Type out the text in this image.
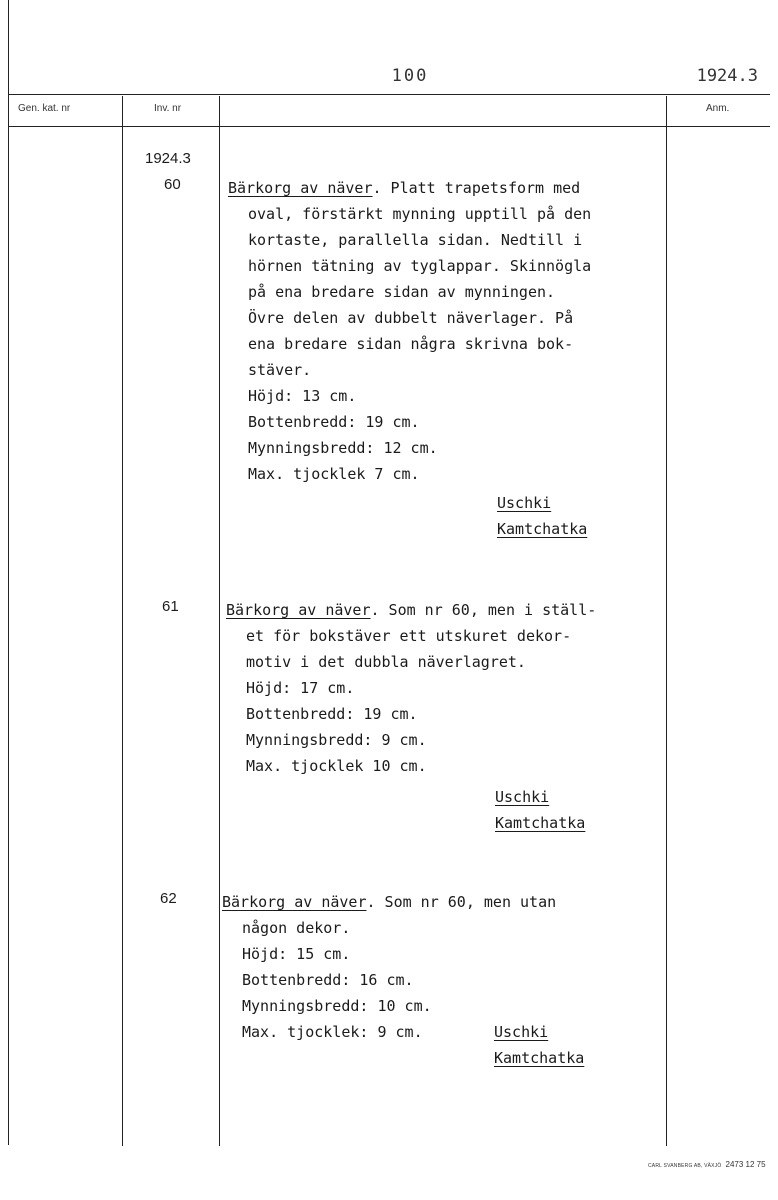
100	1924.3
Gen. kat. nr	Inv. nr	Anm.
1924.3
60	Bärkorg av näver. Platt trapetsform med
oval, förstärkt mynning upptill på den
kortaste, parallella sidan. Nedtill i
hörnen tätning av tyglappar. Skinnögla
på ena bredare sidan av mynningen.
Övre delen av dubbelt näverlager. På
ena bredare sidan några skrivna bok-
stäver.
Höjd: 13 cm.
Bottenbredd: 19 cm.
Mynningsbredd: 12 cm.
Max. tjocklek 7 cm.
Uschki
Kamtchatka
61	Bärkorg av näver. Som nr 60, men i ställ-
et för bokstäver ett utskuret dekor-
motiv i det dubbla näverlagret.
Höjd: 17 cm.
Bottenbredd: 19 cm.
Mynningsbredd: 9 cm.
Max. tjocklek 10 cm.
Uschki
Kamtchatka
62	Bärkorg av näver. Som nr 60, men utan
någon dekor.
Höjd: 15 cm.
Bottenbredd: 16 cm.
Mynningsbredd: 10 cm.
Max. tjocklek: 9 cm.	Uschki
Kamtchatka
CARL SVANBERG AB, VÄXJÖ 2473 12 75
